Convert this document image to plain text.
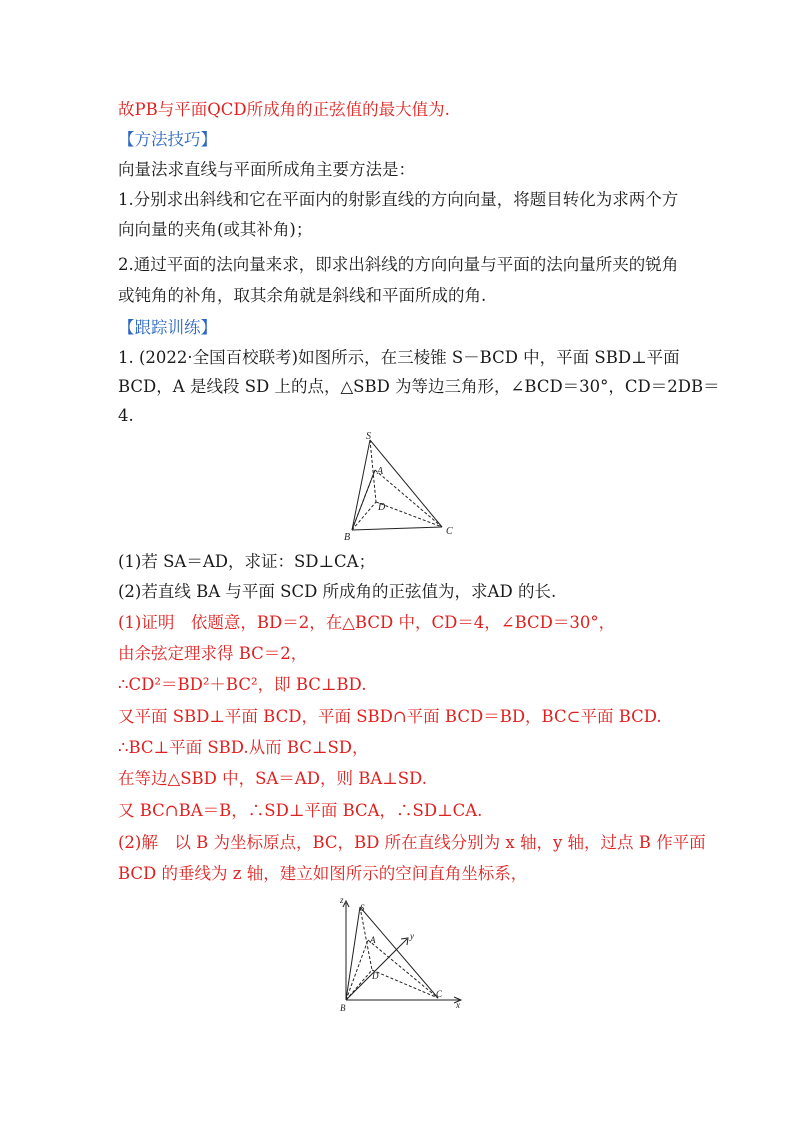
故PB与平面QCD所成角的正弦值的最大值为.
【方法技巧】
向量法求直线与平面所成角主要方法是：
1.分别求出斜线和它在平面内的射影直线的方向向量，将题目转化为求两个方
向向量的夹角(或其补角)；
2.通过平面的法向量来求，即求出斜线的方向向量与平面的法向量所夹的锐角
或钝角的补角，取其余角就是斜线和平面所成的角.
【跟踪训练】
1. (2022·全国百校联考)如图所示，在三棱锥 S－BCD 中，平面 SBD⊥平面
BCD，A 是线段 SD 上的点，△SBD 为等边三角形，∠BCD＝30°，CD＝2DB＝
4.
S
A
D
B
C
(1)若 SA＝AD，求证：SD⊥CA；
(2)若直线 BA 与平面 SCD 所成角的正弦值为，求AD 的长.
(1)证明　依题意，BD＝2，在△BCD 中，CD＝4，∠BCD＝30°，
由余弦定理求得 BC＝2，
∴CD²＝BD²＋BC²，即 BC⊥BD.
又平面 SBD⊥平面 BCD，平面 SBD∩平面 BCD＝BD，BC⊂平面 BCD.
∴BC⊥平面 SBD.从而 BC⊥SD，
在等边△SBD 中，SA＝AD，则 BA⊥SD.
又 BC∩BA＝B，∴SD⊥平面 BCA，∴SD⊥CA.
(2)解　以 B 为坐标原点，BC，BD 所在直线分别为 x 轴，y 轴，过点 B 作平面
BCD 的垂线为 z 轴，建立如图所示的空间直角坐标系，
z
S
A
D
y
B
C
x
